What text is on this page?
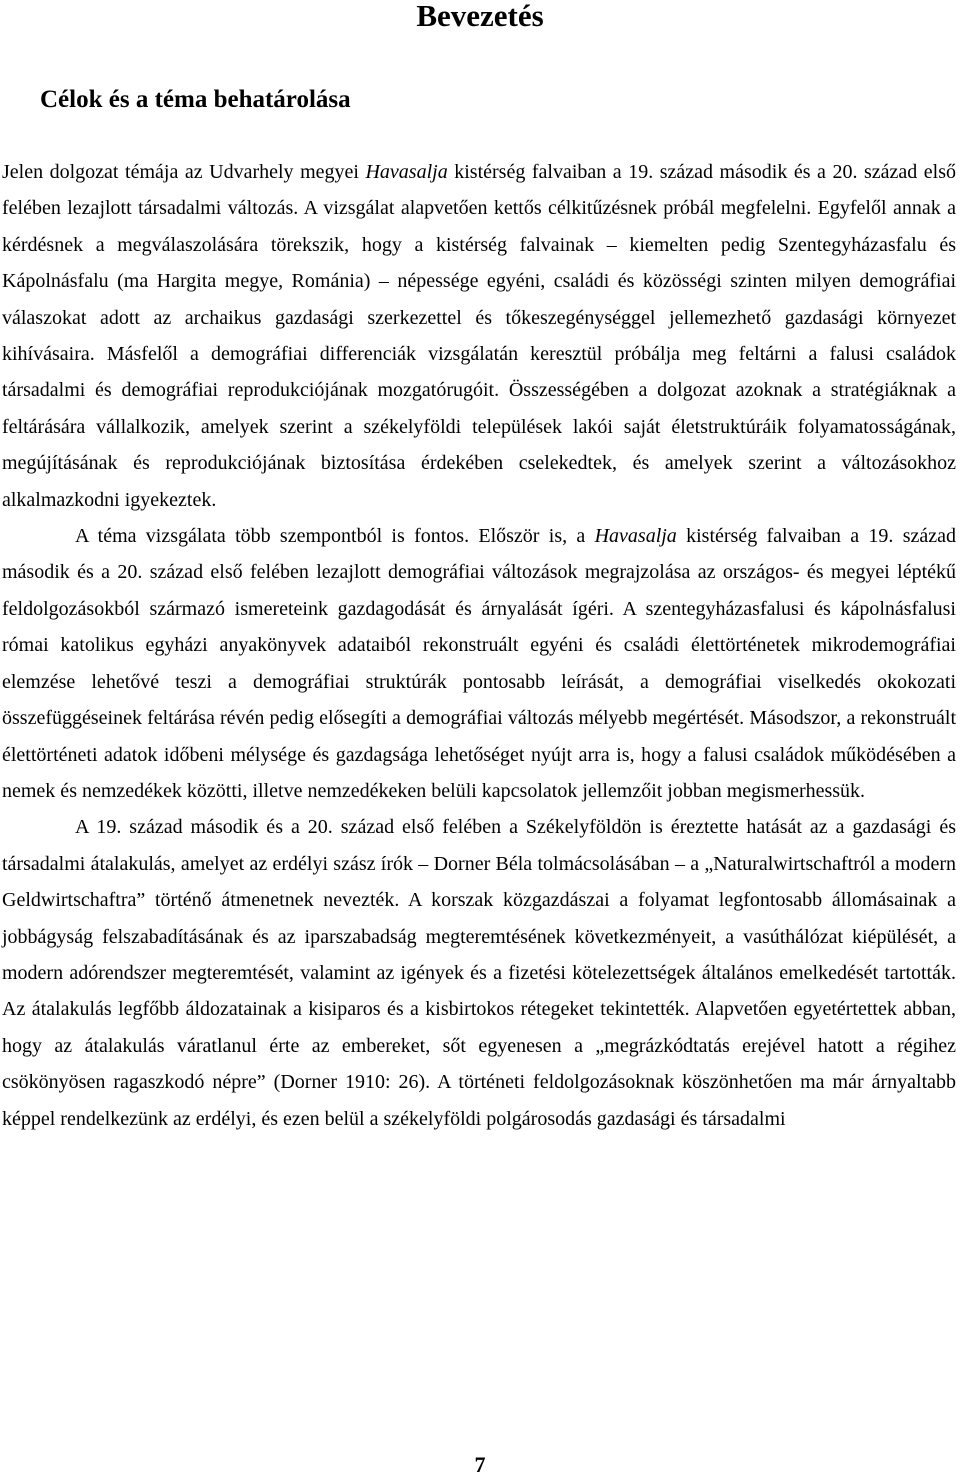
Bevezetés
Célok és a téma behatárolása

Jelen dolgozat témája az Udvarhely megyei Havasalja kistérség falvaiban a 19. század második és a 20. század első felében lezajlott társadalmi változás. A vizsgálat alapvetően kettős célkitűzésnek próbál megfelelni. Egyfelől annak a kérdésnek a megválaszolására törekszik, hogy a kistérség falvainak – kiemelten pedig Szentegyházasfalu és Kápolnásfalu (ma Hargita megye, Románia) – népessége egyéni, családi és közösségi szinten milyen demográfiai válaszokat adott az archaikus gazdasági szerkezettel és tőkeszegénységgel jellemezhető gazdasági környezet kihívásaira. Másfelől a demográfiai differenciák vizsgálatán keresztül próbálja meg feltárni a falusi családok társadalmi és demográfiai reprodukciójának mozgatórugóit. Összességében a dolgozat azoknak a stratégiáknak a feltárására vállalkozik, amelyek szerint a székelyföldi települések lakói saját életstruktúráik folyamatosságának, megújításának és reprodukciójának biztosítása érdekében cselekedtek, és amelyek szerint a változásokhoz alkalmazkodni igyekeztek.

A téma vizsgálata több szempontból is fontos. Először is, a Havasalja kistérség falvaiban a 19. század második és a 20. század első felében lezajlott demográfiai változások megrajzolása az országos- és megyei léptékű feldolgozásokból származó ismereteink gazdagodását és árnyalását ígéri. A szentegyházasfalusi és kápolnásfalusi római katolikus egyházi anyakönyvek adataiból rekonstruált egyéni és családi élettörténetek mikrodemográfiai elemzése lehetővé teszi a demográfiai struktúrák pontosabb leírását, a demográfiai viselkedés okokozati összefüggéseinek feltárása révén pedig elősegíti a demográfiai változás mélyebb megértését. Másodszor, a rekonstruált élettörténeti adatok időbeni mélysége és gazdagsága lehetőséget nyújt arra is, hogy a falusi családok működésében a nemek és nemzedékek közötti, illetve nemzedékeken belüli kapcsolatok jellemzőit jobban megismerhessük.

A 19. század második és a 20. század első felében a Székelyföldön is éreztette hatását az a gazdasági és társadalmi átalakulás, amelyet az erdélyi szász írók – Dorner Béla tolmácsolásában – a „Naturalwirtschaftról a modern Geldwirtschaftra” történő átmenetnek nevezték. A korszak közgazdászai a folyamat legfontosabb állomásainak a jobbágyság felszabadításának és az iparszabadság megteremtésének következményeit, a vasúthálózat kiépülését, a modern adórendszer megteremtését, valamint az igények és a fizetési kötelezettségek általános emelkedését tartották. Az átalakulás legfőbb áldozatainak a kisiparos és a kisbirtokos rétegeket tekintették. Alapvetően egyetértettek abban, hogy az átalakulás váratlanul érte az embereket, sőt egyenesen a „megrázkódtatás erejével hatott a régihez csökönyösen ragaszkodó népre” (Dorner 1910: 26). A történeti feldolgozásoknak köszönhetően ma már árnyaltabb képpel rendelkezünk az erdélyi, és ezen belül a székelyföldi polgárosodás gazdasági és társadalmi

7
